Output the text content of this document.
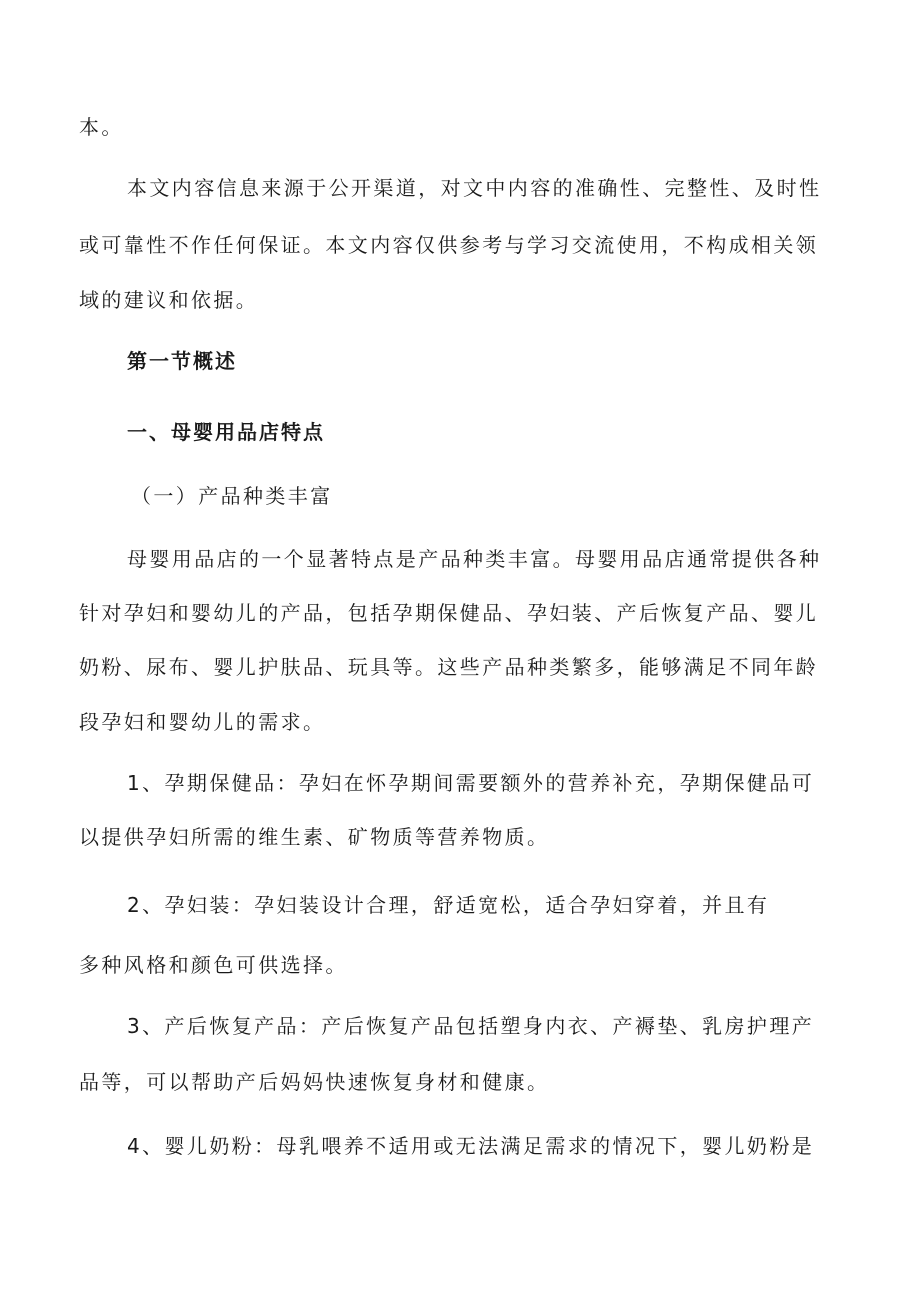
本。
本文内容信息来源于公开渠道，对文中内容的准确性、完整性、及时性
或可靠性不作任何保证。本文内容仅供参考与学习交流使用，不构成相关领
域的建议和依据。
第一节概述
一、母婴用品店特点
（一）产品种类丰富
母婴用品店的一个显著特点是产品种类丰富。母婴用品店通常提供各种
针对孕妇和婴幼儿的产品，包括孕期保健品、孕妇装、产后恢复产品、婴儿
奶粉、尿布、婴儿护肤品、玩具等。这些产品种类繁多，能够满足不同年龄
段孕妇和婴幼儿的需求。
1、孕期保健品：孕妇在怀孕期间需要额外的营养补充，孕期保健品可
以提供孕妇所需的维生素、矿物质等营养物质。
2、孕妇装：孕妇装设计合理，舒适宽松，适合孕妇穿着，并且有
多种风格和颜色可供选择。
3、产后恢复产品：产后恢复产品包括塑身内衣、产褥垫、乳房护理产
品等，可以帮助产后妈妈快速恢复身材和健康。
4、婴儿奶粉：母乳喂养不适用或无法满足需求的情况下，婴儿奶粉是
